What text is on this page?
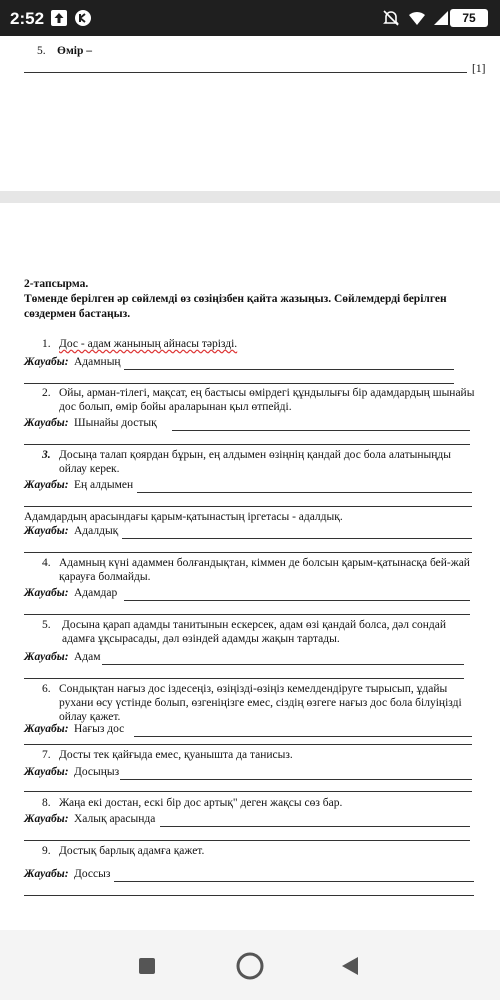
2:52	75
5. Өмір –
[1]
2-тапсырма.
Төменде берілген әр сөйлемді өз сөзіңізбен қайта жазыңыз. Сөйлемдерді берілген сөздермен бастаңыз.
1. Дос - адам жанының айнасы тәрізді.
Жауабы: Адамның
2. Ойы, арман-тілегі, мақсат, ең бастысы өмірдегі құндылығы бір адамдардың шынайы дос болып, өмір бойы араларынан қыл өтпейді.
Жауабы: Шынайы достық
3. Досыңа талап қоярдан бұрын, ең алдымен өзіңнің қандай дос бола алатыныңды ойлау керек.
Жауабы: Ең алдымен
Адамдардың арасындағы қарым-қатынастың іргетасы - адалдық.
Жауабы: Адалдық
4. Адамның күні адаммен болғандықтан, кіммен де болсын қарым-қатынасқа бей-жай қарауға болмайды.
Жауабы: Адамдар
5. Досына қарап адамды танитынын ескерсек, адам өзі қандай болса, дәл сондай адамға ұқсырасады, дәл өзіндей адамды жақын тартады.
Жауабы: Адам
6. Сондықтан нағыз дос іздесеңіз, өзіңізді-өзіңіз кемелдендіруге тырысып, ұдайы рухани өсу үстінде болып, өзгеніңізге емес, сіздің өзгеге нағыз дос бола білуіңізді ойлау қажет.
Жауабы: Нағыз дос
7. Досты тек қайғыда емес, қуанышта да танисыз.
Жауабы: Досыңыз
8. Жаңа екі достан, ескі бір дос артық" деген жақсы сөз бар.
Жауабы: Халық арасында
9. Достық барлық адамға қажет.
Жауабы: Доссыз
